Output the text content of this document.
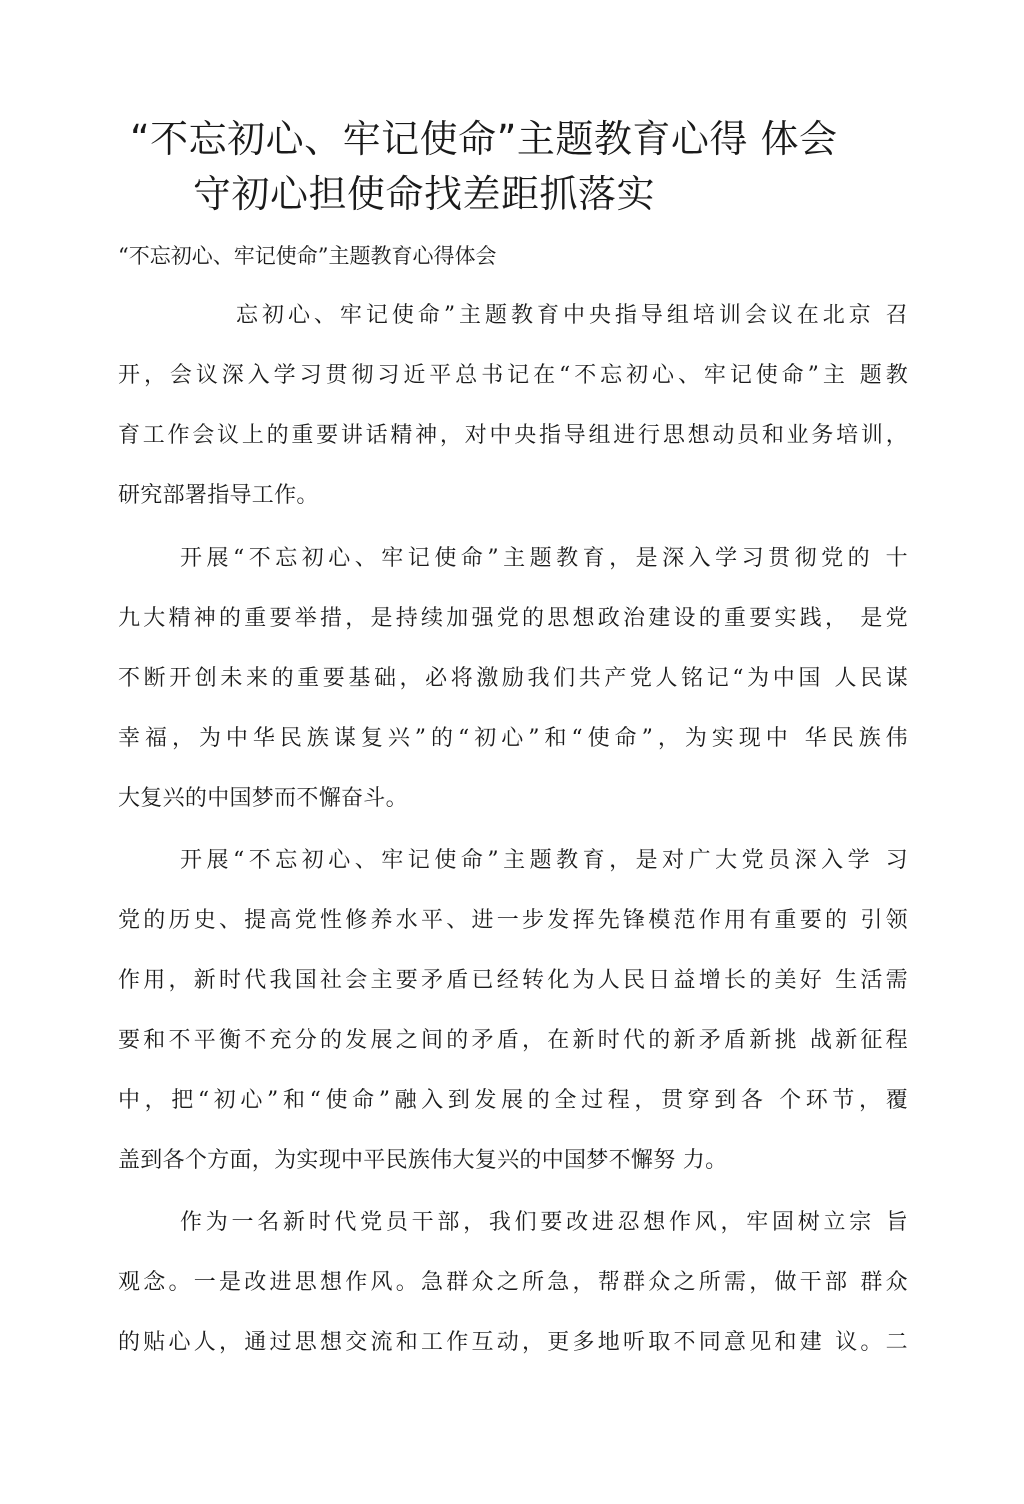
“不忘初心、牢记使命”主题教育心得 体会
守初心担使命找差距抓落实
“不忘初心、牢记使命”主题教育心得体会
忘初心、牢记使命”主题教育中央指导组培训会议在北京 召
开，会议深入学习贯彻习近平总书记在“不忘初心、牢记使命”主 题教
育工作会议上的重要讲话精神，对中央指导组进行思想动员和业务培训，
研究部署指导工作。
开展“不忘初心、牢记使命”主题教育，是深入学习贯彻党的 十
九大精神的重要举措，是持续加强党的思想政治建设的重要实践， 是党
不断开创未来的重要基础，必将激励我们共产党人铭记“为中国 人民谋
幸福，为中华民族谋复兴”的“初心”和“使命”，为实现中 华民族伟
大复兴的中国梦而不懈奋斗。
开展“不忘初心、牢记使命”主题教育，是对广大党员深入学 习
党的历史、提高党性修养水平、进一步发挥先锋模范作用有重要的 引领
作用，新时代我国社会主要矛盾已经转化为人民日益增长的美好 生活需
要和不平衡不充分的发展之间的矛盾，在新时代的新矛盾新挑 战新征程
中，把“初心”和“使命”融入到发展的全过程，贯穿到各 个环节，覆
盖到各个方面，为实现中平民族伟大复兴的中国梦不懈努 力。
作为一名新时代党员干部，我们要改进忍想作风，牢固树立宗 旨
观念。一是改进思想作风。急群众之所急，帮群众之所需，做干部 群众
的贴心人，通过思想交流和工作互动，更多地听取不同意见和建 议。二
